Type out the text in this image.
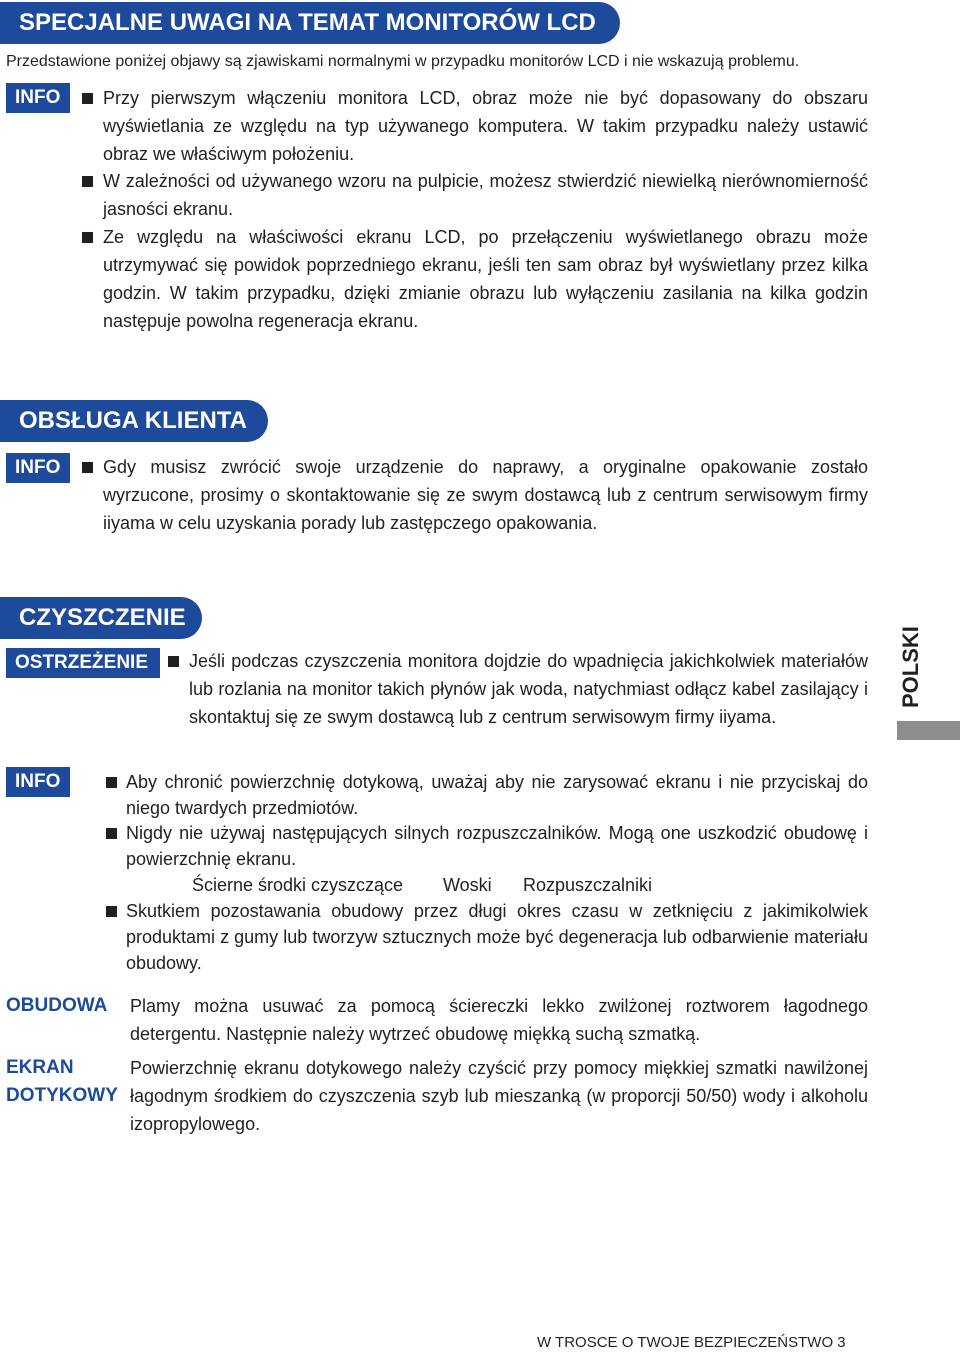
SPECJALNE UWAGI NA TEMAT MONITORÓW LCD
Przedstawione poniżej objawy są zjawiskami normalnymi w przypadku monitorów LCD i nie wskazują problemu.
INFO	Przy pierwszym włączeniu monitora LCD, obraz może nie być dopasowany do obszaru wyświetlania ze względu na typ używanego komputera. W takim przypadku należy ustawić obraz we właściwym położeniu.
W zależności od używanego wzoru na pulpicie, możesz stwierdzić niewielką nierównomierność jasności ekranu.
Ze względu na właściwości ekranu LCD, po przełączeniu wyświetlanego obrazu może utrzymywać się powidok poprzedniego ekranu, jeśli ten sam obraz był wyświetlany przez kilka godzin. W takim przypadku, dzięki zmianie obrazu lub wyłączeniu zasilania na kilka godzin następuje powolna regeneracja ekranu.
OBSŁUGA KLIENTA
INFO	Gdy musisz zwrócić swoje urządzenie do naprawy, a oryginalne opakowanie zostało wyrzucone, prosimy o skontaktowanie się ze swym dostawcą lub z centrum serwisowym firmy iiyama w celu uzyskania porady lub zastępczego opakowania.
CZYSZCZENIE
OSTRZEŻENIE	Jeśli podczas czyszczenia monitora dojdzie do wpadnięcia jakichkolwiek materiałów lub rozlania na monitor takich płynów jak woda, natychmiast odłącz kabel zasilający i skontaktuj się ze swym dostawcą lub z centrum serwisowym firmy iiyama.
INFO	Aby chronić powierzchnię dotykową, uważaj aby nie zarysować ekranu i nie przyciskaj do niego twardych przedmiotów.
Nigdy nie używaj następujących silnych rozpuszczalników. Mogą one uszkodzić obudowę i powierzchnię ekranu.
Ścierne środki czyszczące Woski Rozpuszczalniki
Skutkiem pozostawania obudowy przez długi okres czasu w zetknięciu z jakimikolwiek produktami z gumy lub tworzyw sztucznych może być degeneracja lub odbarwienie materiału obudowy.
OBUDOWA Plamy można usuwać za pomocą ściereczki lekko zwilżonej roztworem łagodnego detergentu. Następnie należy wytrzeć obudowę miękką suchą szmatką.
EKRAN
DOTYKOWY
Powierzchnię ekranu dotykowego należy czyścić przy pomocy miękkiej szmatki nawilżonej łagodnym środkiem do czyszczenia szyb lub mieszanką (w proporcji 50/50) wody i alkoholu izopropylowego.
POLSKI
W TROSCE O TWOJE BEZPIECZEŃSTWO 3
